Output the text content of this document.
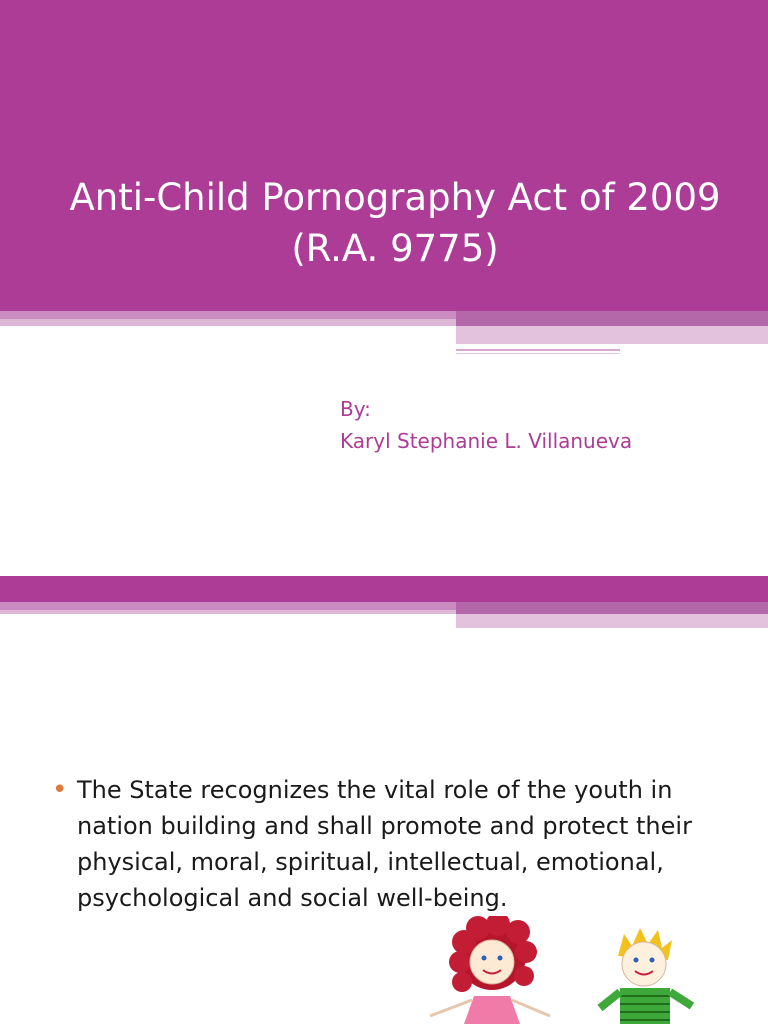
Anti-Child Pornography Act of 2009
(R.A. 9775)
By:
Karyl Stephanie L. Villanueva
• The State recognizes the vital role of the youth in nation building and shall promote and protect their physical, moral, spiritual, intellectual, emotional, psychological and social well-being.
